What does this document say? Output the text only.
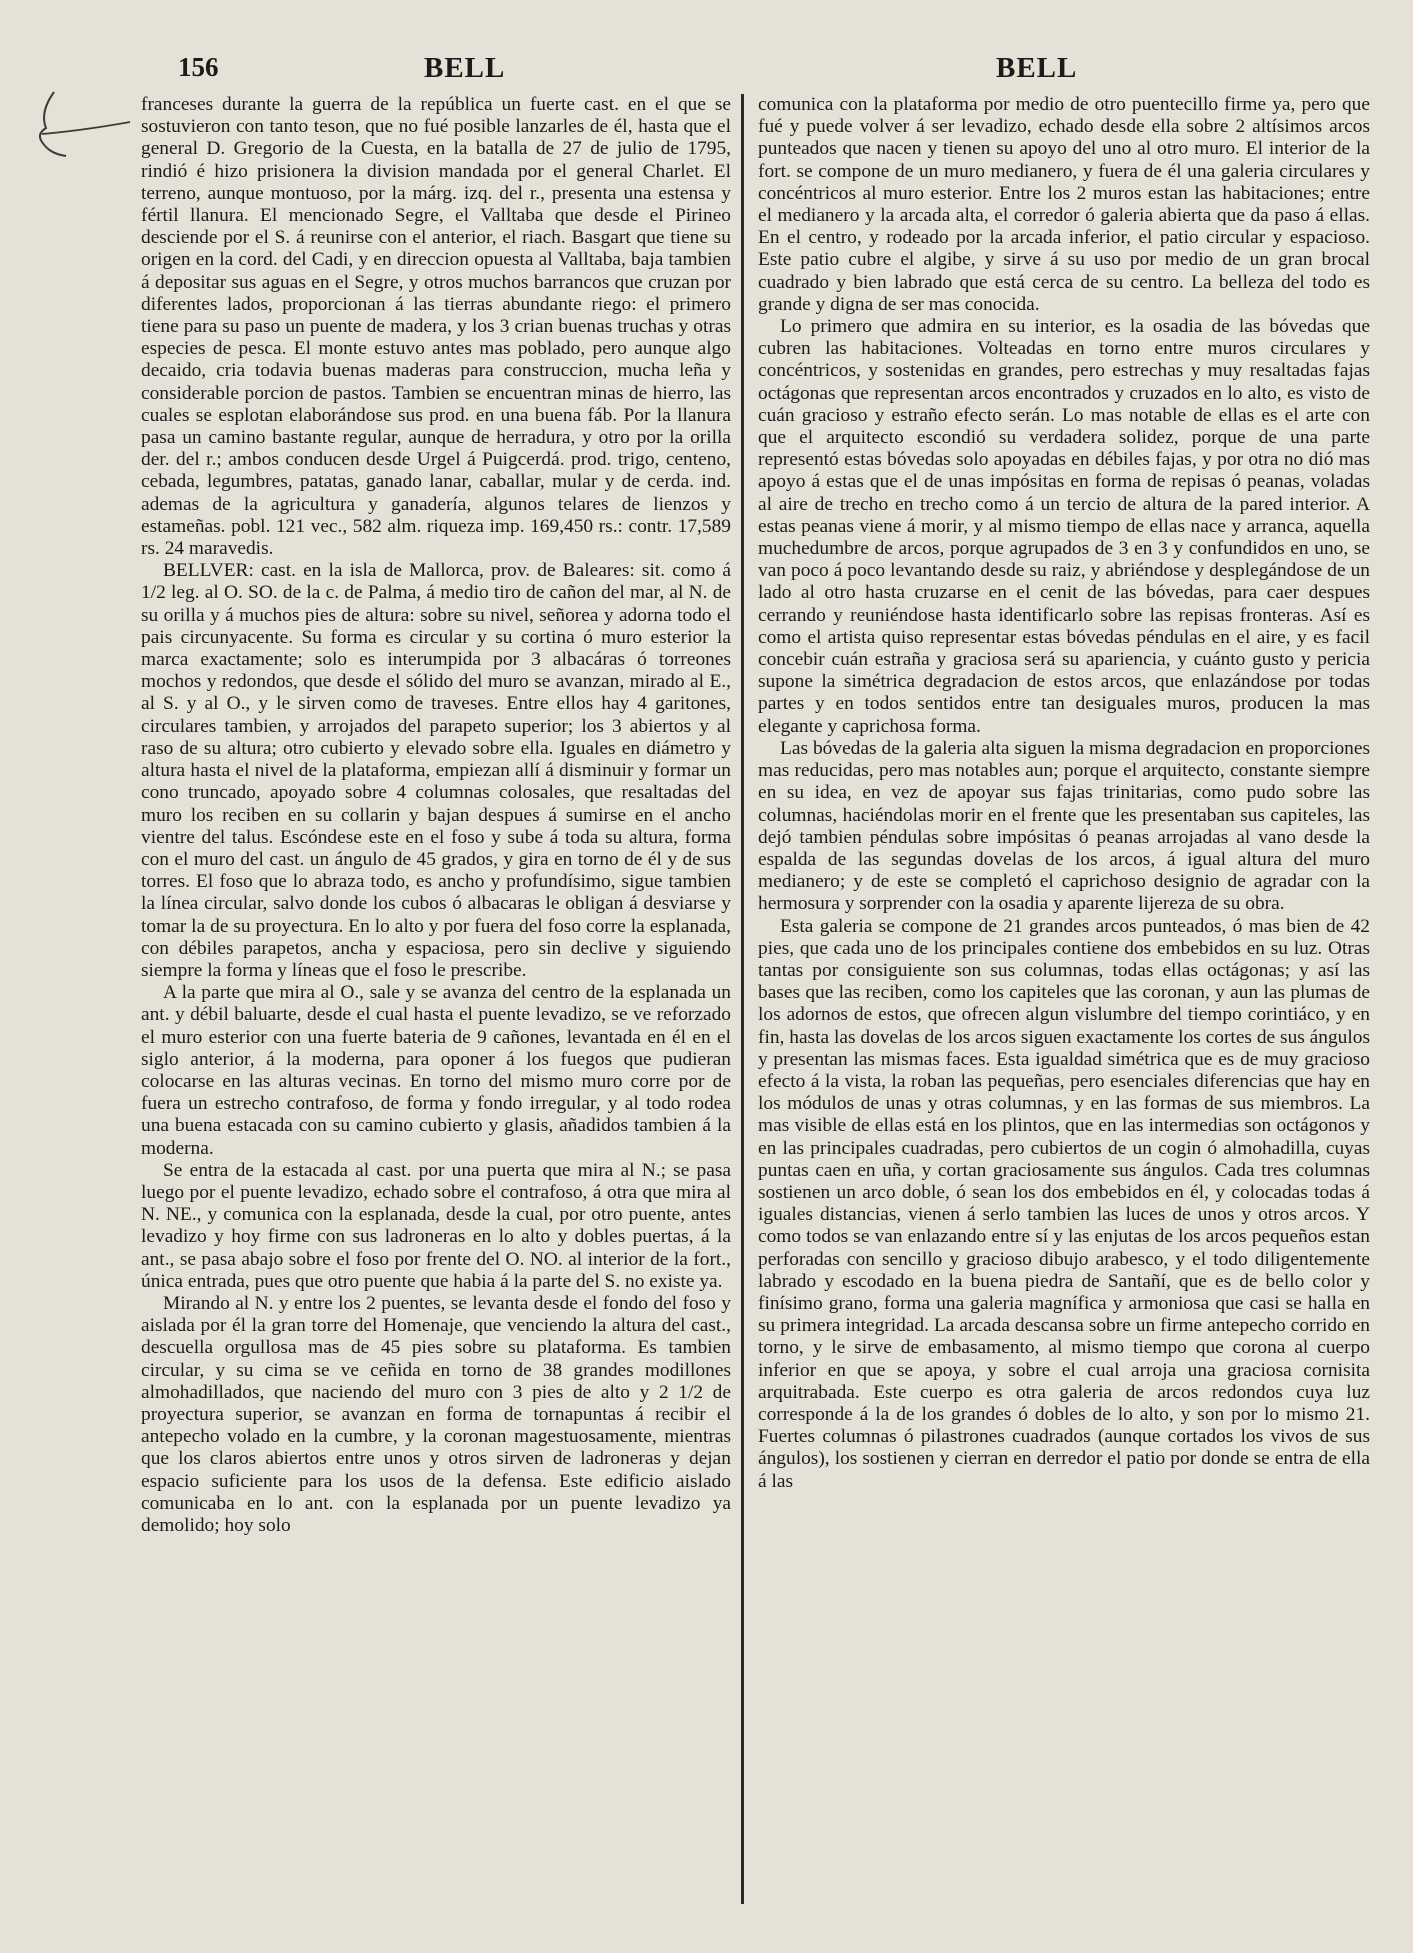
156	BELL	BELL

franceses durante la guerra de la república un fuerte cast. en el que se sostuvieron con tanto teson, que no fué posible lanzarles de él, hasta que el general D. Gregorio de la Cuesta, en la batalla de 27 de julio de 1795, rindió é hizo prisionera la division mandada por el general Charlet. El terreno, aunque montuoso, por la márg. izq. del r., presenta una estensa y fértil llanura. El mencionado Segre, el Valltaba que desde el Pirineo desciende por el S. á reunirse con el anterior, el riach. Basgart que tiene su origen en la cord. del Cadi, y en direccion opuesta al Valltaba, baja tambien á depositar sus aguas en el Segre, y otros muchos barrancos que cruzan por diferentes lados, proporcionan á las tierras abundante riego: el primero tiene para su paso un puente de madera, y los 3 crian buenas truchas y otras especies de pesca. El monte estuvo antes mas poblado, pero aunque algo decaido, cria todavia buenas maderas para construccion, mucha leña y considerable porcion de pastos. Tambien se encuentran minas de hierro, las cuales se esplotan elaborándose sus prod. en una buena fáb. Por la llanura pasa un camino bastante regular, aunque de herradura, y otro por la orilla der. del r.; ambos conducen desde Urgel á Puigcerdá. prod. trigo, centeno, cebada, legumbres, patatas, ganado lanar, caballar, mular y de cerda. ind. ademas de la agricultura y ganadería, algunos telares de lienzos y estameñas. pobl. 121 vec., 582 alm. riqueza imp. 169,450 rs.: contr. 17,589 rs. 24 maravedis.

BELLVER: cast. en la isla de Mallorca, prov. de Baleares: sit. como á 1/2 leg. al O. SO. de la c. de Palma, á medio tiro de cañon del mar, al N. de su orilla y á muchos pies de altura: sobre su nivel, señorea y adorna todo el pais circunyacente. Su forma es circular y su cortina ó muro esterior la marca exactamente; solo es interumpida por 3 albacáras ó torreones mochos y redondos, que desde el sólido del muro se avanzan, mirado al E., al S. y al O., y le sirven como de traveses. Entre ellos hay 4 garitones, circulares tambien, y arrojados del parapeto superior; los 3 abiertos y al raso de su altura; otro cubierto y elevado sobre ella. Iguales en diámetro y altura hasta el nivel de la plataforma, empiezan allí á disminuir y formar un cono truncado, apoyado sobre 4 columnas colosales, que resaltadas del muro los reciben en su collarin y bajan despues á sumirse en el ancho vientre del talus. Escóndese este en el foso y sube á toda su altura, forma con el muro del cast. un ángulo de 45 grados, y gira en torno de él y de sus torres. El foso que lo abraza todo, es ancho y profundísimo, sigue tambien la línea circular, salvo donde los cubos ó albacaras le obligan á desviarse y tomar la de su proyectura. En lo alto y por fuera del foso corre la esplanada, con débiles parapetos, ancha y espaciosa, pero sin declive y siguiendo siempre la forma y líneas que el foso le prescribe.

A la parte que mira al O., sale y se avanza del centro de la esplanada un ant. y débil baluarte, desde el cual hasta el puente levadizo, se ve reforzado el muro esterior con una fuerte bateria de 9 cañones, levantada en él en el siglo anterior, á la moderna, para oponer á los fuegos que pudieran colocarse en las alturas vecinas. En torno del mismo muro corre por de fuera un estrecho contrafoso, de forma y fondo irregular, y al todo rodea una buena estacada con su camino cubierto y glasis, añadidos tambien á la moderna.

Se entra de la estacada al cast. por una puerta que mira al N.; se pasa luego por el puente levadizo, echado sobre el contrafoso, á otra que mira al N. NE., y comunica con la esplanada, desde la cual, por otro puente, antes levadizo y hoy firme con sus ladroneras en lo alto y dobles puertas, á la ant., se pasa abajo sobre el foso por frente del O. NO. al interior de la fort., única entrada, pues que otro puente que habia á la parte del S. no existe ya.

Mirando al N. y entre los 2 puentes, se levanta desde el fondo del foso y aislada por él la gran torre del Homenaje, que venciendo la altura del cast., descuella orgullosa mas de 45 pies sobre su plataforma. Es tambien circular, y su cima se ve ceñida en torno de 38 grandes modillones almohadillados, que naciendo del muro con 3 pies de alto y 2 1/2 de proyectura superior, se avanzan en forma de tornapuntas á recibir el antepecho volado en la cumbre, y la coronan magestuosamente, mientras que los claros abiertos entre unos y otros sirven de ladroneras y dejan espacio suficiente para los usos de la defensa. Este edificio aislado comunicaba en lo ant. con la esplanada por un puente levadizo ya demolido; hoy solo

comunica con la plataforma por medio de otro puentecillo firme ya, pero que fué y puede volver á ser levadizo, echado desde ella sobre 2 altísimos arcos punteados que nacen y tienen su apoyo del uno al otro muro. El interior de la fort. se compone de un muro medianero, y fuera de él una galeria circulares y concéntricos al muro esterior. Entre los 2 muros estan las habitaciones; entre el medianero y la arcada alta, el corredor ó galeria abierta que da paso á ellas. En el centro, y rodeado por la arcada inferior, el patio circular y espacioso. Este patio cubre el algibe, y sirve á su uso por medio de un gran brocal cuadrado y bien labrado que está cerca de su centro. La belleza del todo es grande y digna de ser mas conocida.

Lo primero que admira en su interior, es la osadia de las bóvedas que cubren las habitaciones. Volteadas en torno entre muros circulares y concéntricos, y sostenidas en grandes, pero estrechas y muy resaltadas fajas octágonas que representan arcos encontrados y cruzados en lo alto, es visto de cuán gracioso y estraño efecto serán. Lo mas notable de ellas es el arte con que el arquitecto escondió su verdadera solidez, porque de una parte representó estas bóvedas solo apoyadas en débiles fajas, y por otra no dió mas apoyo á estas que el de unas impósitas en forma de repisas ó peanas, voladas al aire de trecho en trecho como á un tercio de altura de la pared interior. A estas peanas viene á morir, y al mismo tiempo de ellas nace y arranca, aquella muchedumbre de arcos, porque agrupados de 3 en 3 y confundidos en uno, se van poco á poco levantando desde su raiz, y abriéndose y desplegándose de un lado al otro hasta cruzarse en el cenit de las bóvedas, para caer despues cerrando y reuniéndose hasta identificarlo sobre las repisas fronteras. Así es como el artista quiso representar estas bóvedas péndulas en el aire, y es facil concebir cuán estraña y graciosa será su apariencia, y cuánto gusto y pericia supone la simétrica degradacion de estos arcos, que enlazándose por todas partes y en todos sentidos entre tan desiguales muros, producen la mas elegante y caprichosa forma.

Las bóvedas de la galeria alta siguen la misma degradacion en proporciones mas reducidas, pero mas notables aun; porque el arquitecto, constante siempre en su idea, en vez de apoyar sus fajas trinitarias, como pudo sobre las columnas, haciéndolas morir en el frente que les presentaban sus capiteles, las dejó tambien péndulas sobre impósitas ó peanas arrojadas al vano desde la espalda de las segundas dovelas de los arcos, á igual altura del muro medianero; y de este se completó el caprichoso designio de agradar con la hermosura y sorprender con la osadia y aparente lijereza de su obra.

Esta galeria se compone de 21 grandes arcos punteados, ó mas bien de 42 pies, que cada uno de los principales contiene dos embebidos en su luz. Otras tantas por consiguiente son sus columnas, todas ellas octágonas; y así las bases que las reciben, como los capiteles que las coronan, y aun las plumas de los adornos de estos, que ofrecen algun vislumbre del tiempo corintiáco, y en fin, hasta las dovelas de los arcos siguen exactamente los cortes de sus ángulos y presentan las mismas faces. Esta igualdad simétrica que es de muy gracioso efecto á la vista, la roban las pequeñas, pero esenciales diferencias que hay en los módulos de unas y otras columnas, y en las formas de sus miembros. La mas visible de ellas está en los plintos, que en las intermedias son octágonos y en las principales cuadradas, pero cubiertos de un cogin ó almohadilla, cuyas puntas caen en uña, y cortan graciosamente sus ángulos. Cada tres columnas sostienen un arco doble, ó sean los dos embebidos en él, y colocadas todas á iguales distancias, vienen á serlo tambien las luces de unos y otros arcos. Y como todos se van enlazando entre sí y las enjutas de los arcos pequeños estan perforadas con sencillo y gracioso dibujo arabesco, y el todo diligentemente labrado y escodado en la buena piedra de Santañí, que es de bello color y finísimo grano, forma una galeria magnífica y armoniosa que casi se halla en su primera integridad. La arcada descansa sobre un firme antepecho corrido en torno, y le sirve de embasamento, al mismo tiempo que corona al cuerpo inferior en que se apoya, y sobre el cual arroja una graciosa cornisita arquitrabada. Este cuerpo es otra galeria de arcos redondos cuya luz corresponde á la de los grandes ó dobles de lo alto, y son por lo mismo 21. Fuertes columnas ó pilastrones cuadrados (aunque cortados los vivos de sus ángulos), los sostienen y cierran en derredor el patio por donde se entra de ella á las
